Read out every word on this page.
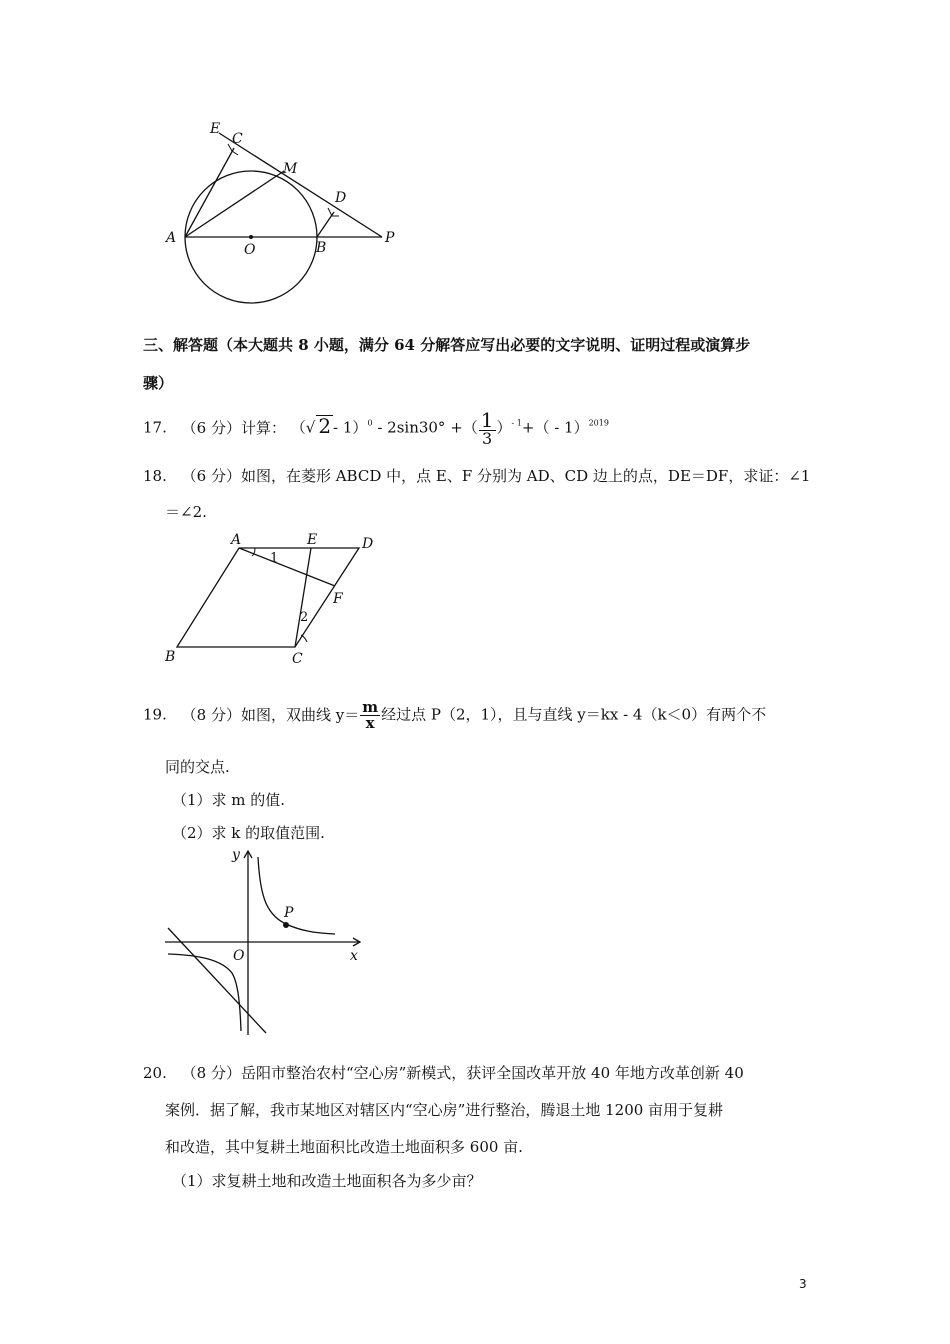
E
C
M
D
A
O	B
P
三、解答题（本大题共 8 小题，满分 64 分解答应写出必要的文字说明、证明过程或演算步
骤）
17. （6 分）计算： （√ 2 - 1）$^0$ - 2sin30° +（ $\frac{1}{3} )^{- 1}+( - 1)^{2019}$
18. （6 分）如图，在菱形 ABCD 中，点 E、F 分别为 AD、CD 边上的点，DE＝DF，求证：∠1
＝∠2.
A	E	D
F
B	C
1
2
19. （8 分）如图，双曲线 $y= \frac{m}{x}$ 经过点 P（2，1），且与直线 y＝kx - 4（k＜0）有两个不
同的交点.
（1）求 m 的值.
（2）求 k 的取值范围.
y
x
O
P
20. （8 分）岳阳市整治农村“空心房”新模式，获评全国改革开放 40 年地方改革创新 40
案例．据了解，我市某地区对辖区内“空心房”进行整治，腾退土地 1200 亩用于复耕
和改造，其中复耕土地面积比改造土地面积多 600 亩.
（1）求复耕土地和改造土地面积各为多少亩？
3
